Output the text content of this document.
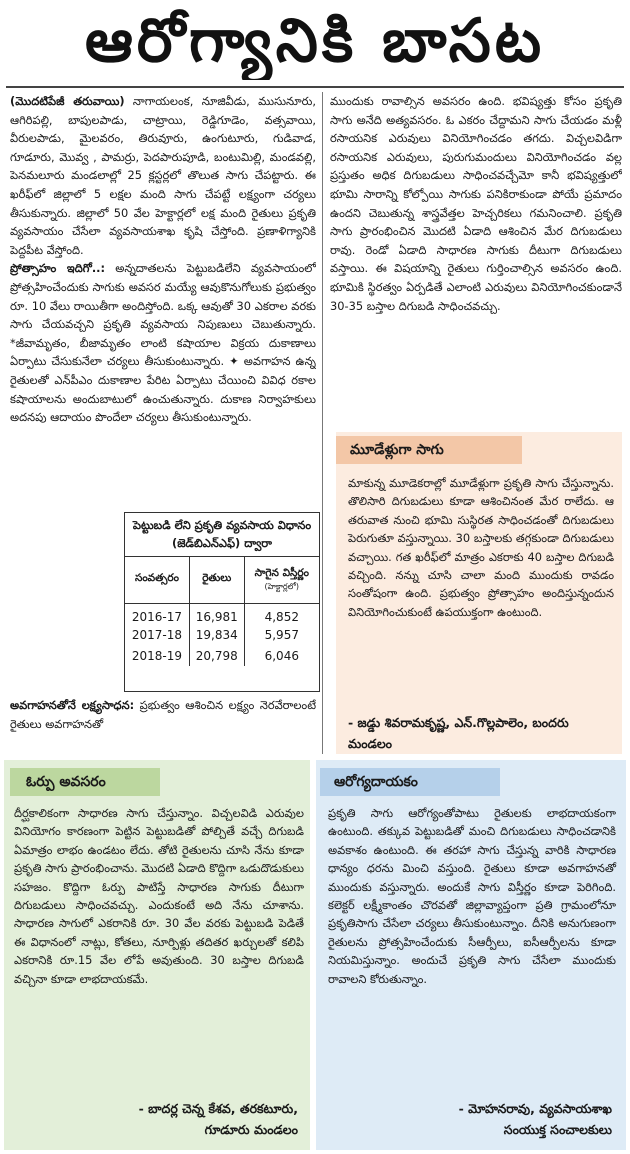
ఆరోగ్యానికి బాసట

(మొదటిపేజీ తరువాయి) నాగాయలంక, నూజివీడు, ముసునూరు, ఆగిరిపల్లి, బాపులపాడు, చాట్రాయి, రెడ్డిగూడెం, వత్సవాయి, వీరులపాడు, మైలవరం, తిరువూరు, ఉంగుటూరు, గుడివాడ, గూడూరు, మొవ్వ , పామర్రు, పెదపారుపూడి, బంటుమిల్లి, మండవల్లి, పెనమలూరు మండలాల్లో 25 క్లస్టర్లలో తొలుత సాగు చేపట్టారు. ఈ ఖరీఫ్‌లో జిల్లాలో 5 లక్షల మంది సాగు చేపట్టే లక్ష్యంగా చర్యలు తీసుకున్నారు. జిల్లాలో 50 వేల హెక్టార్లలో లక్ష మంది రైతులు ప్రకృతి వ్యవసాయం చేసేలా వ్యవసాయశాఖ కృషి చేస్తోంది. ప్రణాళిగ్యానికి పెద్దపీట వేస్తోంది.

ప్రోత్సాహం ఇదిగో..: అన్నదాతలను పెట్టుబడిలేని వ్యవసాయంలో ప్రోత్సహించేందుకు సాగుకు అవసర మయ్యే ఆవుకొనుగోలుకు ప్రభుత్వం రూ. 10 వేలు రాయితీగా అందిస్తోంది. ఒక్క ఆవుతో 30 ఎకరాల వరకు సాగు చేయవచ్చని ప్రకృతి వ్యవసాయ నిపుణులు చెబుతున్నారు. *జీవామృతం, బీజామృతం లాంటి కషాయాల విక్రయ దుకాణాలు ఏర్పాటు చేసుకునేలా చర్యలు తీసుకుంటున్నారు. ✦ అవగాహన ఉన్న రైతులతో ఎన్‌పీఎం దుకాణాల పేరిట ఏర్పాటు చేయించి వివిధ రకాల కషాయాలను అందుబాటులో ఉంచుతున్నారు. దుకాణ నిర్వాహకులు అదనపు ఆదాయం పొందేలా చర్యలు తీసుకుంటున్నారు.

అవగాహనతోనే లక్ష్యసాధన: ప్రభుత్వం ఆశించిన లక్ష్యం నెరవేరాలంటే రైతులు అవగాహనతో

ముందుకు రావాల్సిన అవసరం ఉంది. భవిష్యత్తు కోసం ప్రకృతి సాగు అనేది అత్యవసరం. ఓ ఎకరం చేద్దామని సాగు చేయడం మళ్లీ రసాయనిక ఎరువులు వినియోగించడం తగదు. విచ్చలవిడిగా రసాయనిక ఎరువులు, పురుగుమందులు వినియోగించడం వల్ల ప్రస్తుతం అధిక దిగుబడులు సాధించవచ్చేమో కానీ భవిష్యత్తులో భూమి సారాన్ని కోల్పోయి సాగుకు పనికిరాకుండా పోయే ప్రమాదం ఉందని చెబుతున్న శాస్త్రవేత్తల హెచ్చరికలు గమనించాలి. ప్రకృతి సాగు ప్రారంభించిన మొదటి ఏడాది ఆశించిన మేర దిగుబడులు రావు. రెండో ఏడాది సాధారణ సాగుకు దీటుగా దిగుబడులు వస్తాయి. ఈ విషయాన్ని రైతులు గుర్తించాల్సిన అవసరం ఉంది. భూమికి స్థిరత్వం ఏర్పడితే ఎలాంటి ఎరువులు వినియోగించకుండానే 30-35 బస్తాల దిగుబడి సాధించవచ్చు.

పెట్టుబడి లేని ప్రకృతి వ్యవసాయ విధానం (జెడ్‌బిఎన్‌ఎఫ్) ద్వారా
సంవత్సరం	రైతులు	సాగైన విస్తీర్ణం
(హెక్టార్లలో)

2016-17	16,981	4,852
2017-18	19,834	5,957
2018-19	20,798	6,046
మూడేళ్లుగా సాగు
మాకున్న మూడెకరాల్లో మూడేళ్లుగా ప్రకృతి సాగు చేస్తున్నాను. తొలిసారి దిగుబడులు కూడా ఆశించినంత మేర రాలేదు. ఆ తరువాత నుంచి భూమి సుస్థిరత సాధించడంతో దిగుబడులు పెరుగుతూ వస్తున్నాయి. 30 బస్తాలకు తగ్గకుండా దిగుబడులు వచ్చాయి. గత ఖరీఫ్‌లో మాత్రం ఎకరాకు 40 బస్తాల దిగుబడి వచ్చింది. నన్ను చూసి చాలా మంది ముందుకు రావడం సంతోషంగా ఉంది. ప్రభుత్వం ప్రోత్సాహం అందిస్తున్నందున వినియోగించుకుంటే ఉపయుక్తంగా ఉంటుంది.
- జడ్డు శివరామకృష్ణ, ఎన్‌.గొల్లపాలెం, బందరు మండలం
ఓర్పు అవసరం
దీర్ఘకాలికంగా సాధారణ సాగు చేస్తున్నాం. విచ్చలవిడి ఎరువుల వినియోగం కారణంగా పెట్టిన పెట్టుబడితో పోల్చితే వచ్చే దిగుబడి ఏమాత్రం లాభం ఉండటం లేదు. తోటి రైతులను చూసి నేను కూడా ప్రకృతి సాగు ప్రారంభించాను. మొదటి ఏడాది కొద్దిగా ఒడుదొడుకులు సహజం. కొద్దిగా ఓర్పు పాటిస్తే సాధారణ సాగుకు దీటుగా దిగుబడులు సాధించవచ్చు. ఎందుకంటే అది నేను చూశాను. సాధారణ సాగులో ఎకరానికి రూ. 30 వేల వరకు పెట్టుబడి పెడితే ఈ విధానంలో నాట్లు, కోతలు, నూర్పిళ్లు తదితర ఖర్చులతో కలిపి ఎకరానికి రూ.15 వేల లోపే అవుతుంది. 30 బస్తాల దిగుబడి వచ్చినా కూడా లాభదాయకమే.
- బాదర్ల చెన్న కేశవ, తరకటూరు,
గూడూరు మండలం
ఆరోగ్యదాయకం
ప్రకృతి సాగు ఆరోగ్యంతోపాటు రైతులకు లాభదాయకంగా ఉంటుంది. తక్కువ పెట్టుబడితో మంచి దిగుబడులు సాధించడానికి అవకాశం ఉంటుంది. ఈ తరహా సాగు చేస్తున్న వారికి సాధారణ ధాన్యం ధరను మించి వస్తుంది. రైతులు కూడా అవగాహనతో ముందుకు వస్తున్నారు. అందుకే సాగు విస్తీర్ణం కూడా పెరిగింది. కలెక్టర్‌ లక్ష్మీకాంతం చొరవతో జిల్లావ్యాప్తంగా ప్రతి గ్రామంలోనూ ప్రకృతిసాగు చేసేలా చర్యలు తీసుకుంటున్నాం. దీనికి అనుగుణంగా రైతులను ప్రోత్సహించేందుకు సీఆర్పీలు, ఐసీఆర్పీలను కూడా నియమిస్తున్నాం. అందుచే ప్రకృతి సాగు చేసేలా ముందుకు రావాలని కోరుతున్నాం.
- మోహనరావు, వ్యవసాయశాఖ
సంయుక్త సంచాలకులు
